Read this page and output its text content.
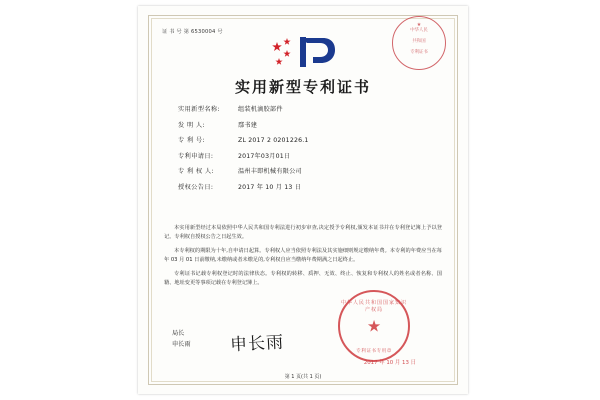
证 书 号 第 6530004 号
★
中华人民
共和国
专利证书
实用新型专利证书
实用新型名称:	组装机滴胶部件
发 明 人:	鄢书建
专 利 号:	ZL 2017 2 0201226.1
专利申请日:	2017年03月01日
专 利 权 人:	温州丰即机械有限公司
授权公告日:	2017 年 10 月 13 日

本实用新型经过本局依照中华人民共和国专利法进行初步审查,决定授予专利权,颁发本证书并在专利登记簿上予以登记。专利权自授权公告之日起生效。

本专利权的期限为十年,自申请日起算。专利权人应当依照专利法及其实施细则规定缴纳年费。本专利的年费应当在每年 03 月 01 日前缴纳,未缴纳或者未缴足的,专利权自应当缴纳年费期满之日起终止。

专利证书记载专利权登记时的法律状态。专利权的转移、质押、无效、终止、恢复和专利权人的姓名或者名称、国籍、地址变更等事项记载在专利登记簿上。

局长
申长雨 申长雨
中华人民共和国国家知识产权局
★
专利证书专用章
2017 年 10 月 13 日
第 1 页(共 1 页)
